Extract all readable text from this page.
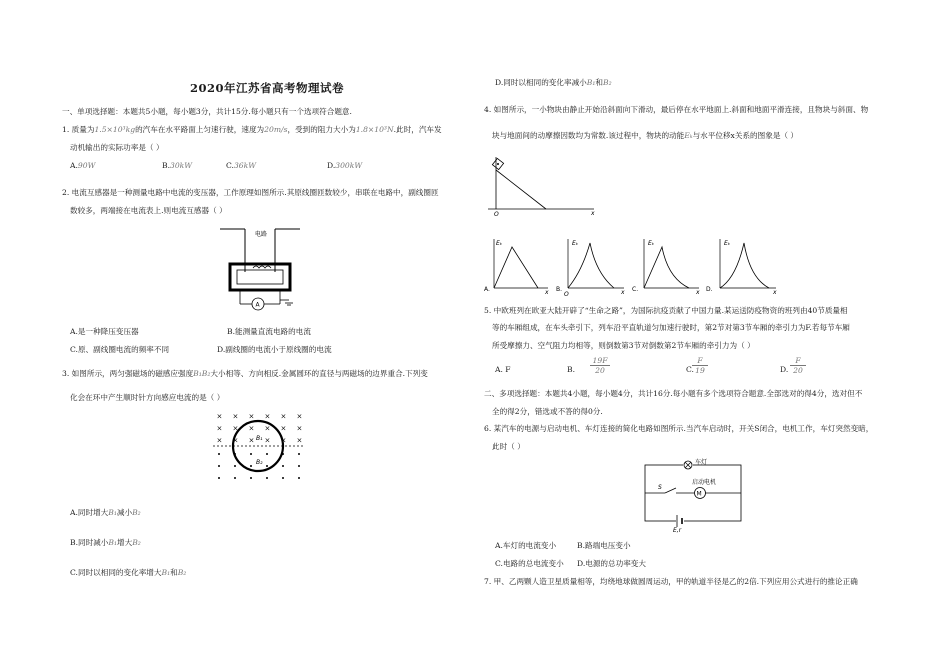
2020年江苏省高考物理试卷
一、单项选择题：本题共5小题，每小题3分，共计15分.每小题只有一个选项符合题意.
1. 质量为1.5×10³kg的汽车在水平路面上匀速行驶，速度为20m/s，受到的阻力大小为1.8×10³N.此时，汽车发
动机输出的实际功率是（ ）
A.90W	B.30kW	C.36kW	D.300kW
2. 电流互感器是一种测量电路中电流的变压器，工作原理如图所示.其原线圈匝数较少，串联在电路中，副线圈匝
数较多，两端接在电流表上.则电流互感器（ ）
电路
A
A.是一种降压变压器	B.能测量直流电路的电流
C.原、副线圈电流的频率不同	D.副线圈的电流小于原线圈的电流
3. 如图所示，两匀强磁场的磁感应强度B₁B₂大小相等、方向相反.金属圆环的直径与两磁场的边界重合.下列变
化会在环中产生顺时针方向感应电流的是（ ）
× × × × × ×
× × × × × ×
× × × × × ×
B₁
B₂
A.同时增大B₁减小B₂
B.同时减小B₁增大B₂
C.同时以相同的变化率增大B₁和B₂
D.同时以相同的变化率减小B₁和B₂
4. 如图所示，一小物块由静止开始沿斜面向下滑动，最后停在水平地面上.斜面和地面平滑连接，且物块与斜面、物
块与地面间的动摩擦因数均为常数.该过程中，物块的动能Eₖ与水平位移x关系的图象是（ ）
O	x
A.
Eₖ
x B.
Eₖ
O	x C.
Eₖ
x D.
Eₖ
x
5. 中欧班列在欧亚大陆开辟了“生命之路”，为国际抗疫贡献了中国力量.某运送防疫物资的班列由40节质量相
等的车厢组成，在车头牵引下，列车沿平直轨道匀加速行驶时，第2节对第3节车厢的牵引力为F.若每节车厢
所受摩擦力、空气阻力均相等，则倒数第3节对倒数第2节车厢的牵引力为（ ）
A. F	B.
19F
20	C.
F
19	D.
F
20
二、多项选择题：本题共4小题，每小题4分，共计16分.每小题有多个选项符合题意.全部选对的得4分，选对但不
全的得2分，错选或不答的得0分.
6. 某汽车的电源与启动电机、车灯连接的简化电路如图所示.当汽车启动时，开关S闭合，电机工作，车灯突然变暗，
此时（ ）
车灯
S
M
启动电机
E,r
A.车灯的电流变小	B.路端电压变小
C.电路的总电流变小 D.电源的总功率变大
7. 甲、乙两颗人造卫星质量相等，均绕地球做圆周运动，甲的轨道半径是乙的2倍.下列应用公式进行的推论正确
